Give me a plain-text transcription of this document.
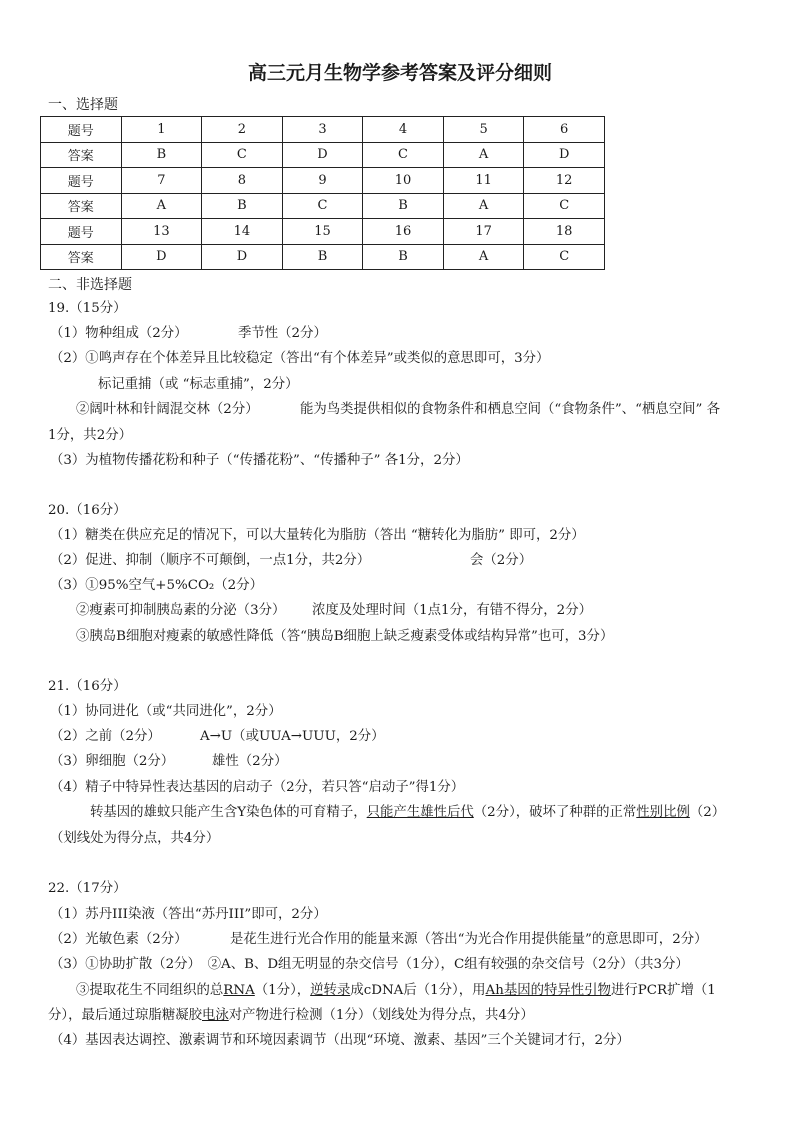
高三元月生物学参考答案及评分细则
一、选择题
题号	1	2	3	4	5	6
答案	B	C	D	C	A	D
题号	7	8	9	10	11	12
答案	A	B	C	B	A	C
题号	13	14	15	16	17	18
答案	D	D	B	B	A	C
二、非选择题
19.（15分）
（1）物种组成（2分）	季节性（2分）
（2）①鸣声存在个体差异且比较稳定（答出“有个体差异”或类似的意思即可，3分）
标记重捕（或 “标志重捕”，2分）
②阔叶林和针阔混交林（2分）	能为鸟类提供相似的食物条件和栖息空间（“食物条件”、“栖息空间” 各
1分，共2分）
（3）为植物传播花粉和种子（“传播花粉”、“传播种子” 各1分，2分）
20.（16分）
（1）糖类在供应充足的情况下，可以大量转化为脂肪（答出 “糖转化为脂肪” 即可，2分）
（2）促进、抑制（顺序不可颠倒，一点1分，共2分）	会（2分）
（3）①95%空气+5%CO₂（2分）
②瘦素可抑制胰岛素的分泌（3分） 浓度及处理时间（1点1分，有错不得分，2分）
③胰岛B细胞对瘦素的敏感性降低（答“胰岛B细胞上缺乏瘦素受体或结构异常”也可，3分）
21.（16分）
（1）协同进化（或“共同进化”，2分）
（2）之前（2分）	A→U（或UUA→UUU，2分）
（3）卵细胞（2分）	雄性（2分）
（4）精子中特异性表达基因的启动子（2分，若只答“启动子”得1分）
转基因的雄蚊只能产生含Y染色体的可育精子，只能产生雄性后代（2分），破坏了种群的正常性别比例（2）
（划线处为得分点，共4分）
22.（17分）
（1）苏丹III染液（答出“苏丹III”即可，2分）
（2）光敏色素（2分）	是花生进行光合作用的能量来源（答出“为光合作用提供能量”的意思即可，2分）
（3）①协助扩散（2分）　②A、B、D组无明显的杂交信号（1分），C组有较强的杂交信号（2分）（共3分）
③提取花生不同组织的总RNA（1分），逆转录成cDNA后（1分），用Ah基因的特异性引物进行PCR扩增（1
分），最后通过琼脂糖凝胶电泳对产物进行检测（1分）（划线处为得分点，共4分）
（4）基因表达调控、激素调节和环境因素调节（出现“环境、激素、基因”三个关键词才行，2分）
